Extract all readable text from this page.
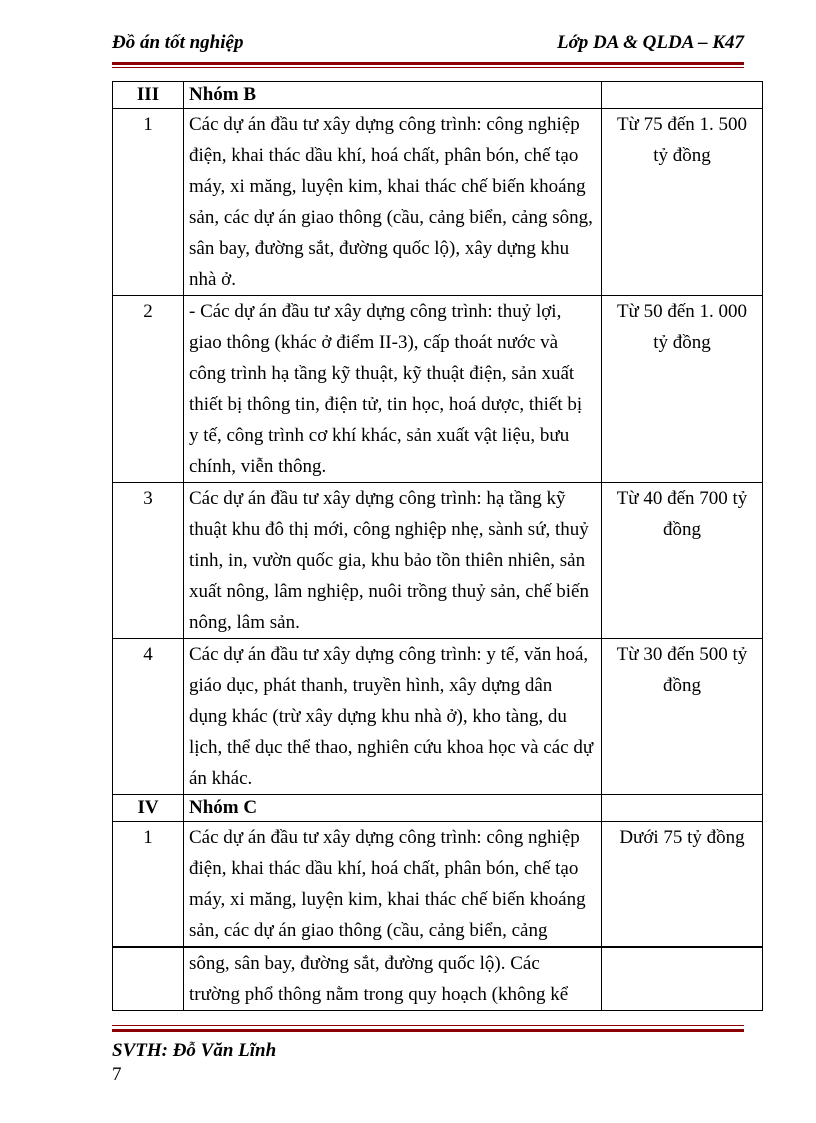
Đồ án tốt nghiệp	Lớp DA & QLDA – K47
III	Nhóm B	
1	Các dự án đầu tư xây dựng công trình: công nghiệp điện, khai thác dầu khí, hoá chất, phân bón, chế tạo máy, xi măng, luyện kim, khai thác chế biến khoáng sản, các dự án giao thông (cầu, cảng biển, cảng sông, sân bay, đường sắt, đường quốc lộ), xây dựng khu nhà ở.	Từ 75 đến 1. 500 tỷ đồng
2	- Các dự án đầu tư xây dựng công trình: thuỷ lợi, giao thông (khác ở điểm II-3), cấp thoát nước và công trình hạ tầng kỹ thuật, kỹ thuật điện, sản xuất thiết bị thông tin, điện tử, tin học, hoá dược, thiết bị y tế, công trình cơ khí khác, sản xuất vật liệu, bưu chính, viễn thông.	Từ 50 đến 1. 000 tỷ đồng
3	Các dự án đầu tư xây dựng công trình: hạ tầng kỹ thuật khu đô thị mới, công nghiệp nhẹ, sành sứ, thuỷ tinh, in, vườn quốc gia, khu bảo tồn thiên nhiên, sản xuất nông, lâm nghiệp, nuôi trồng thuỷ sản, chế biến nông, lâm sản.	Từ 40 đến 700 tỷ đồng
4	Các dự án đầu tư xây dựng công trình: y tế, văn hoá, giáo dục, phát thanh, truyền hình, xây dựng dân dụng khác (trừ xây dựng khu nhà ở), kho tàng, du lịch, thể dục thể thao, nghiên cứu khoa học và các dự án khác.	Từ 30 đến 500 tỷ đồng
IV	Nhóm C	
1	Các dự án đầu tư xây dựng công trình: công nghiệp điện, khai thác dầu khí, hoá chất, phân bón, chế tạo máy, xi măng, luyện kim, khai thác chế biến khoáng sản, các dự án giao thông (cầu, cảng biển, cảng	Dưới 75 tỷ đồng
	sông, sân bay, đường sắt, đường quốc lộ). Các trường phổ thông nằm trong quy hoạch (không kể	
SVTH: Đỗ Văn Lĩnh
7
